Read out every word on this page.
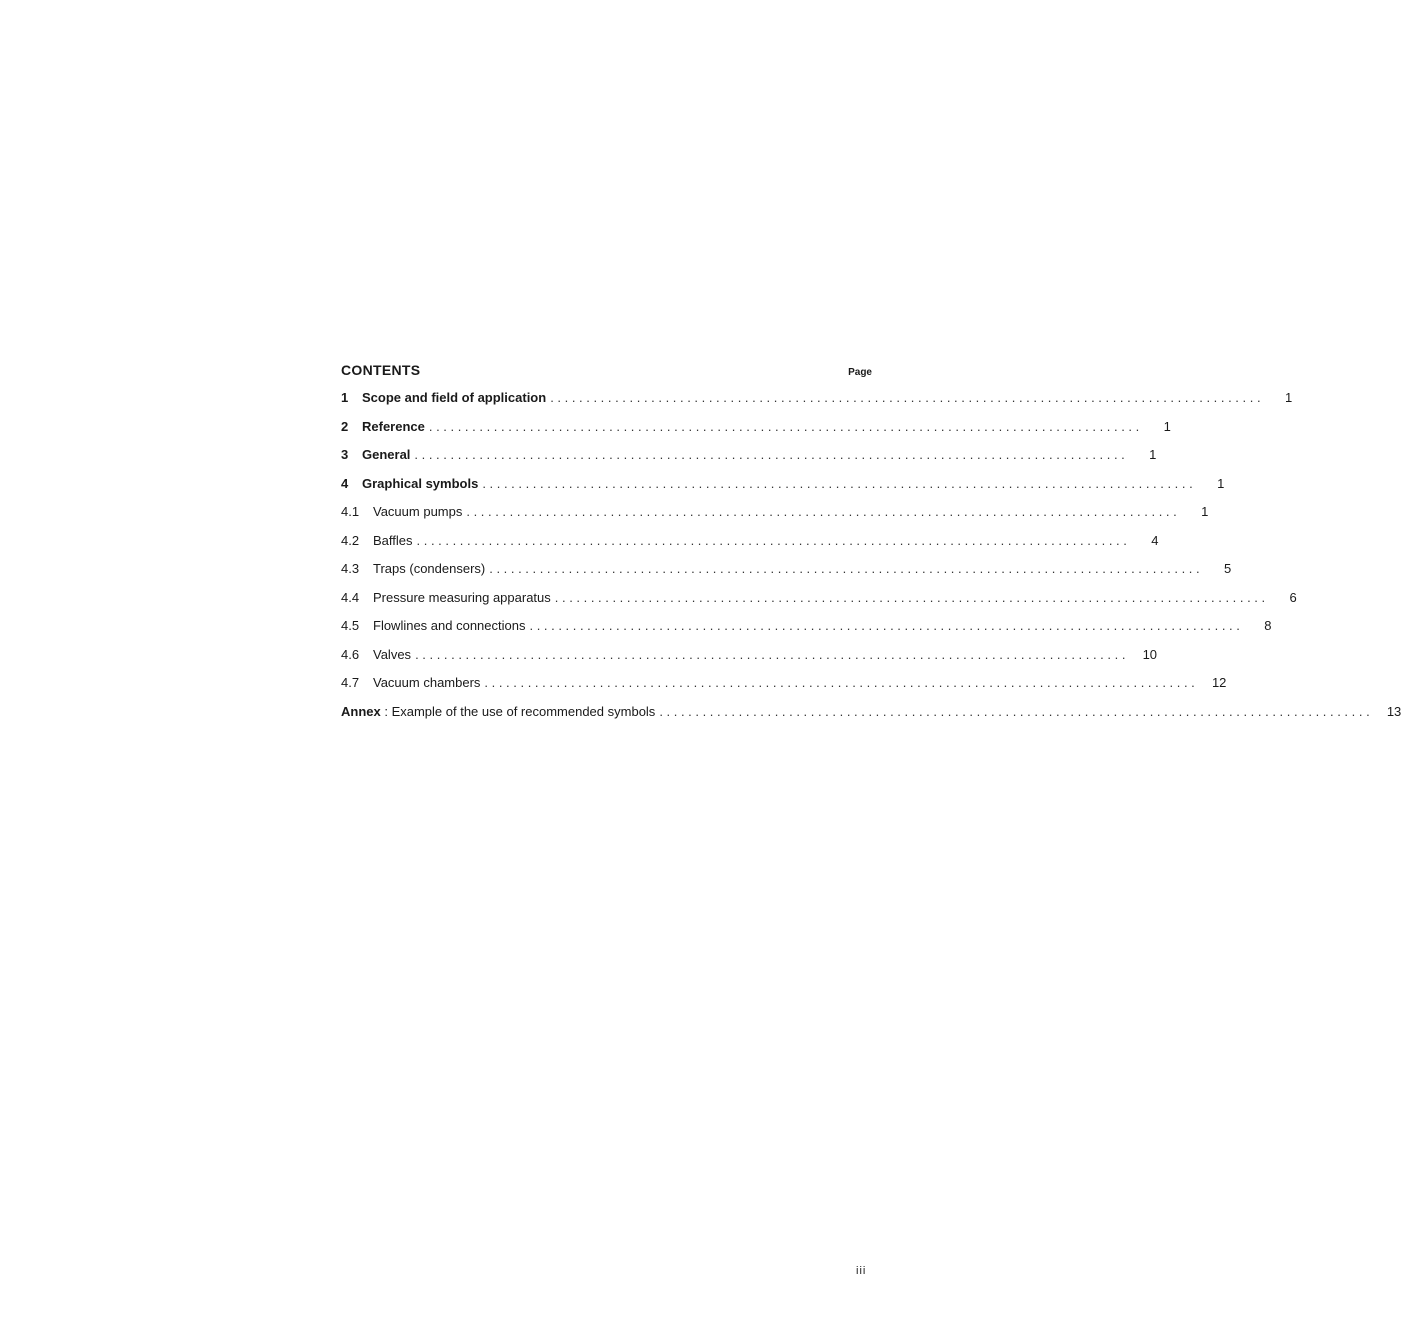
CONTENTS	Page
1	Scope and field of application ...................................................................................................	1
2	Reference ...................................................................................................	1
3	General ...................................................................................................	1
4	Graphical symbols ...................................................................................................	1
4.1	Vacuum pumps ...................................................................................................	1
4.2	Baffles ...................................................................................................	4
4.3	Traps (condensers) ...................................................................................................	5
4.4	Pressure measuring apparatus ...................................................................................................	6
4.5	Flowlines and connections ...................................................................................................	8
4.6	Valves ...................................................................................................	10
4.7	Vacuum chambers ...................................................................................................	12
Annex : Example of the use of recommended symbols ...................................................................................................	13
iii
